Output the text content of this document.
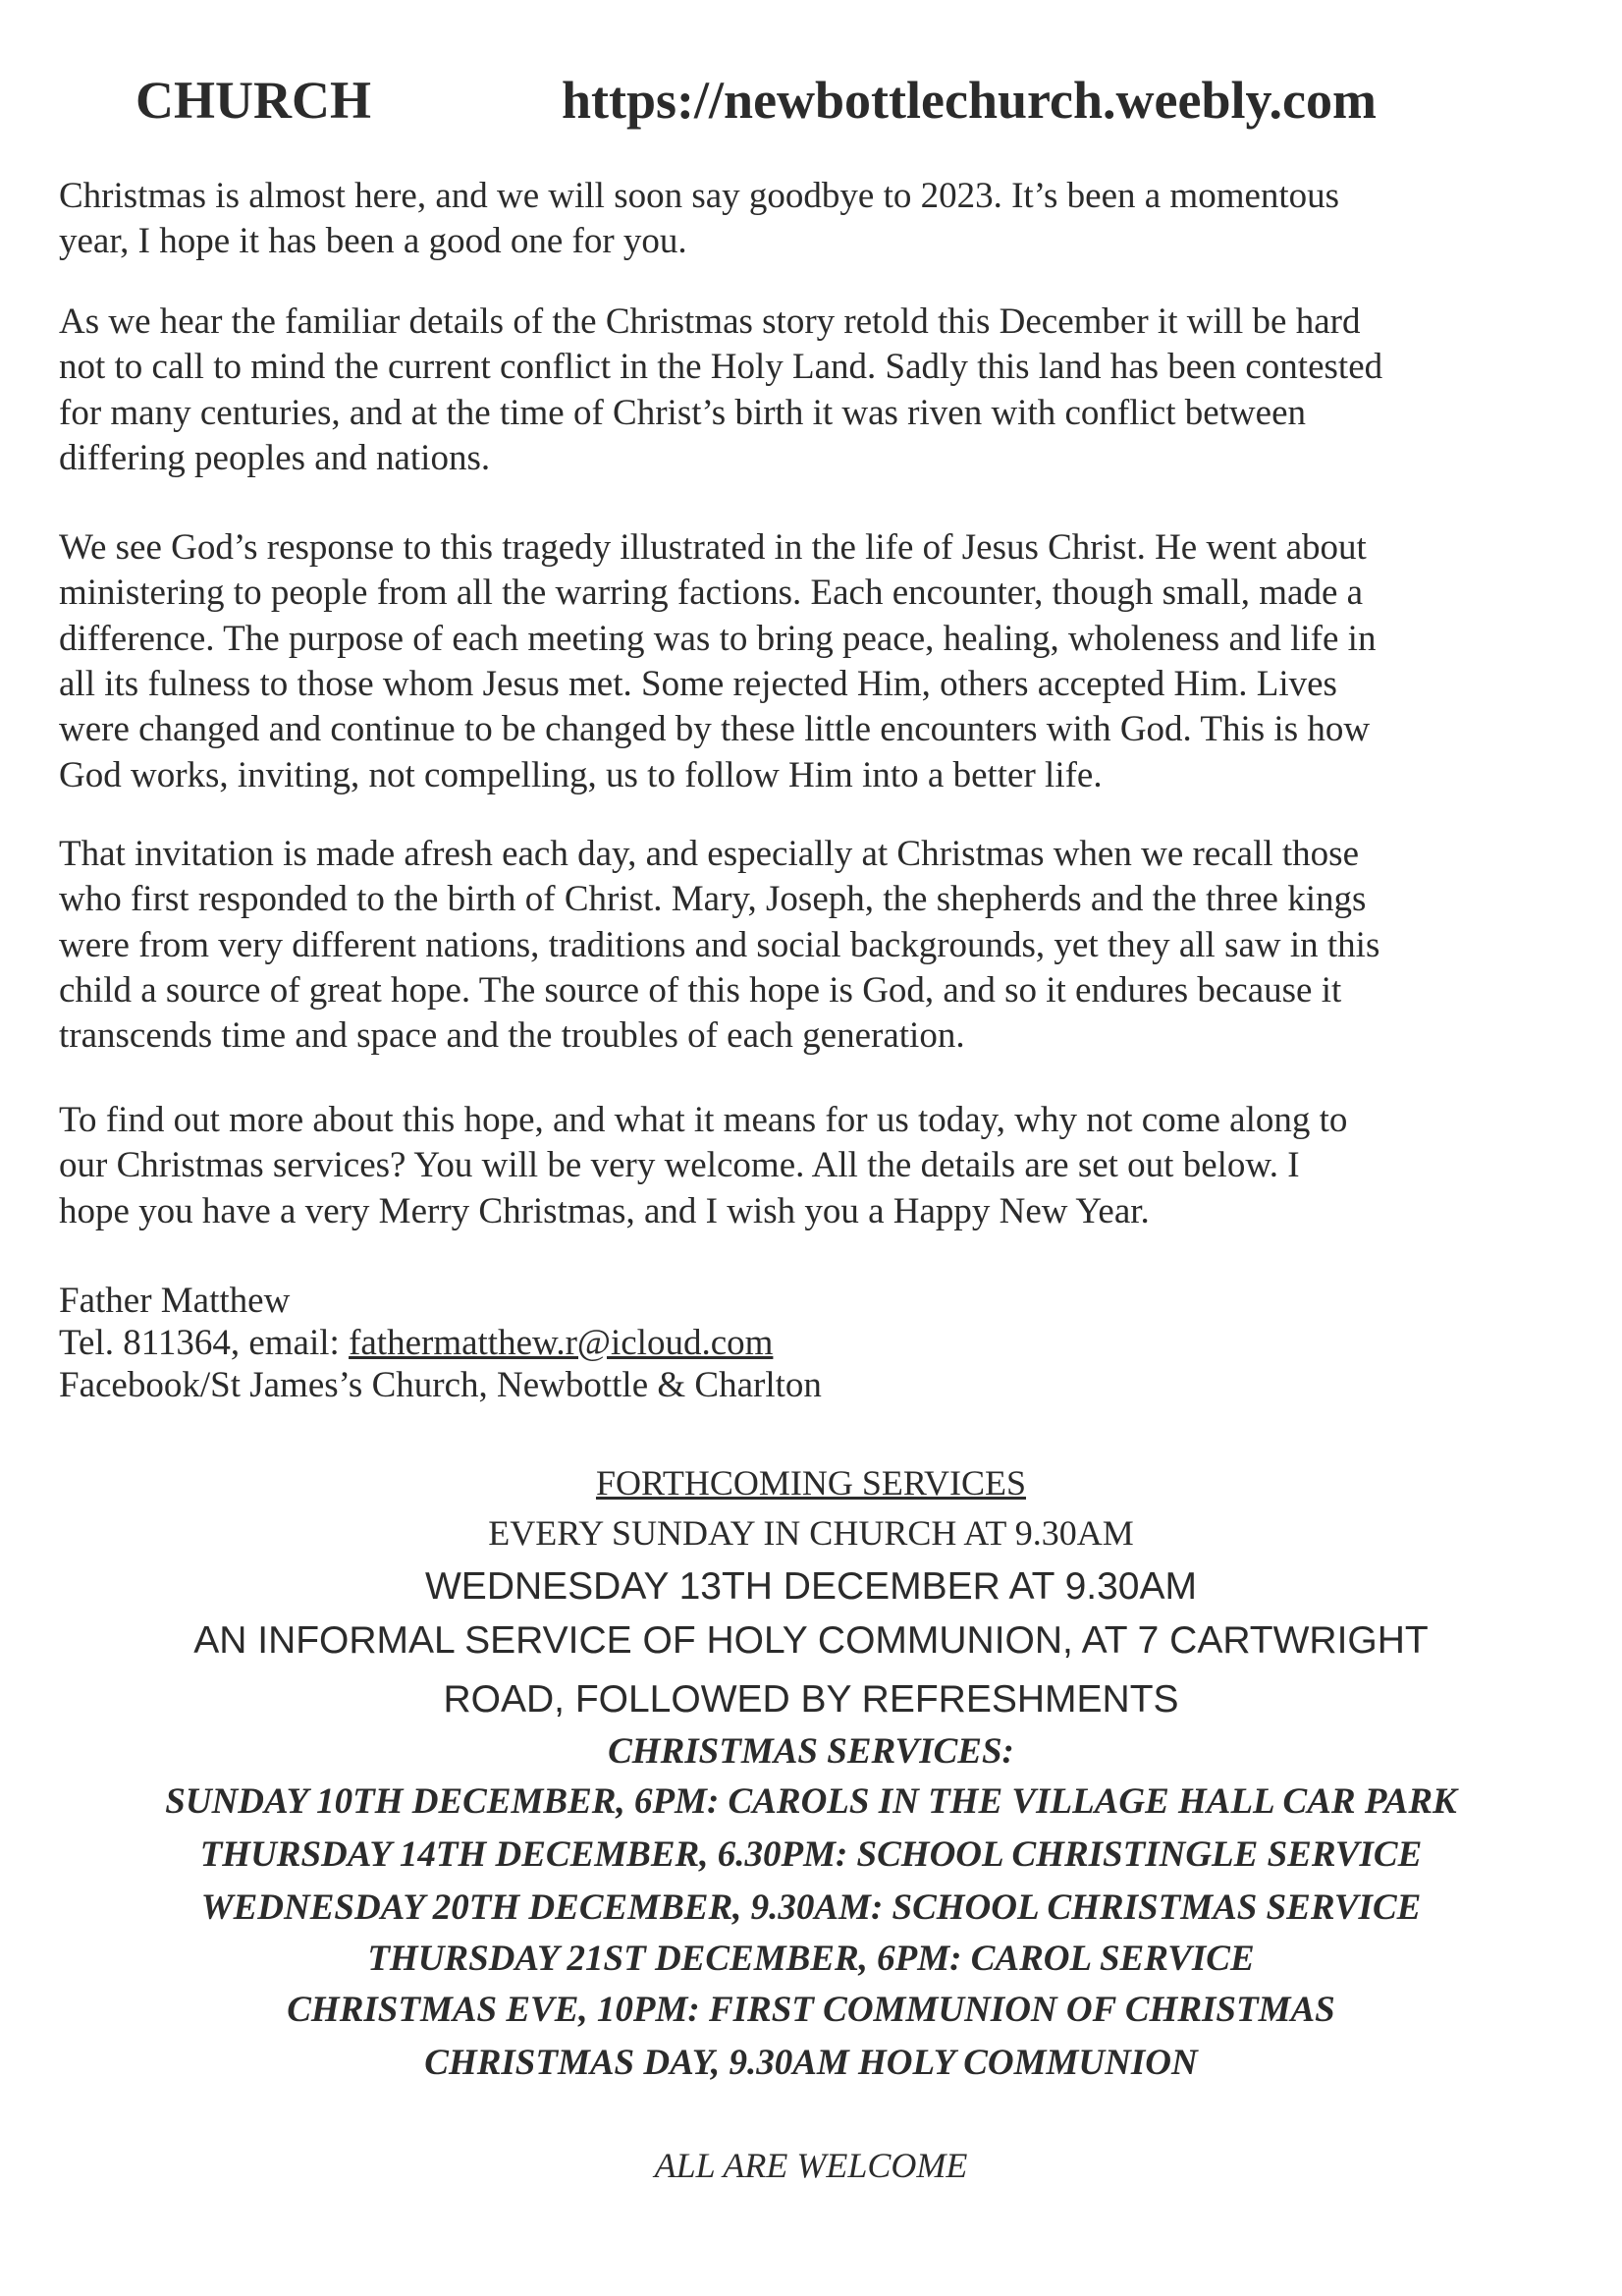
CHURCH	https://newbottlechurch.weebly.com
Christmas is almost here, and we will soon say goodbye to 2023. It’s been a momentous
year, I hope it has been a good one for you.
As we hear the familiar details of the Christmas story retold this December it will be hard
not to call to mind the current conflict in the Holy Land. Sadly this land has been contested
for many centuries, and at the time of Christ’s birth it was riven with conflict between
differing peoples and nations.
We see God’s response to this tragedy illustrated in the life of Jesus Christ. He went about
ministering to people from all the warring factions. Each encounter, though small, made a
difference. The purpose of each meeting was to bring peace, healing, wholeness and life in
all its fulness to those whom Jesus met. Some rejected Him, others accepted Him. Lives
were changed and continue to be changed by these little encounters with God. This is how
God works, inviting, not compelling, us to follow Him into a better life.
That invitation is made afresh each day, and especially at Christmas when we recall those
who first responded to the birth of Christ. Mary, Joseph, the shepherds and the three kings
were from very different nations, traditions and social backgrounds, yet they all saw in this
child a source of great hope. The source of this hope is God, and so it endures because it
transcends time and space and the troubles of each generation.
To find out more about this hope, and what it means for us today, why not come along to
our Christmas services? You will be very welcome. All the details are set out below. I
hope you have a very Merry Christmas, and I wish you a Happy New Year.
Father Matthew
Tel. 811364, email: fathermatthew.r@icloud.com
Facebook/St James’s Church, Newbottle & Charlton
FORTHCOMING SERVICES
EVERY SUNDAY IN CHURCH AT 9.30AM
WEDNESDAY 13TH DECEMBER AT 9.30AM
AN INFORMAL SERVICE OF HOLY COMMUNION, AT 7 CARTWRIGHT
ROAD, FOLLOWED BY REFRESHMENTS
CHRISTMAS SERVICES:
SUNDAY 10TH DECEMBER, 6PM: CAROLS IN THE VILLAGE HALL CAR PARK
THURSDAY 14TH DECEMBER, 6.30PM: SCHOOL CHRISTINGLE SERVICE
WEDNESDAY 20TH DECEMBER, 9.30AM: SCHOOL CHRISTMAS SERVICE
THURSDAY 21ST DECEMBER, 6PM: CAROL SERVICE
CHRISTMAS EVE, 10PM: FIRST COMMUNION OF CHRISTMAS
CHRISTMAS DAY, 9.30AM HOLY COMMUNION
ALL ARE WELCOME
